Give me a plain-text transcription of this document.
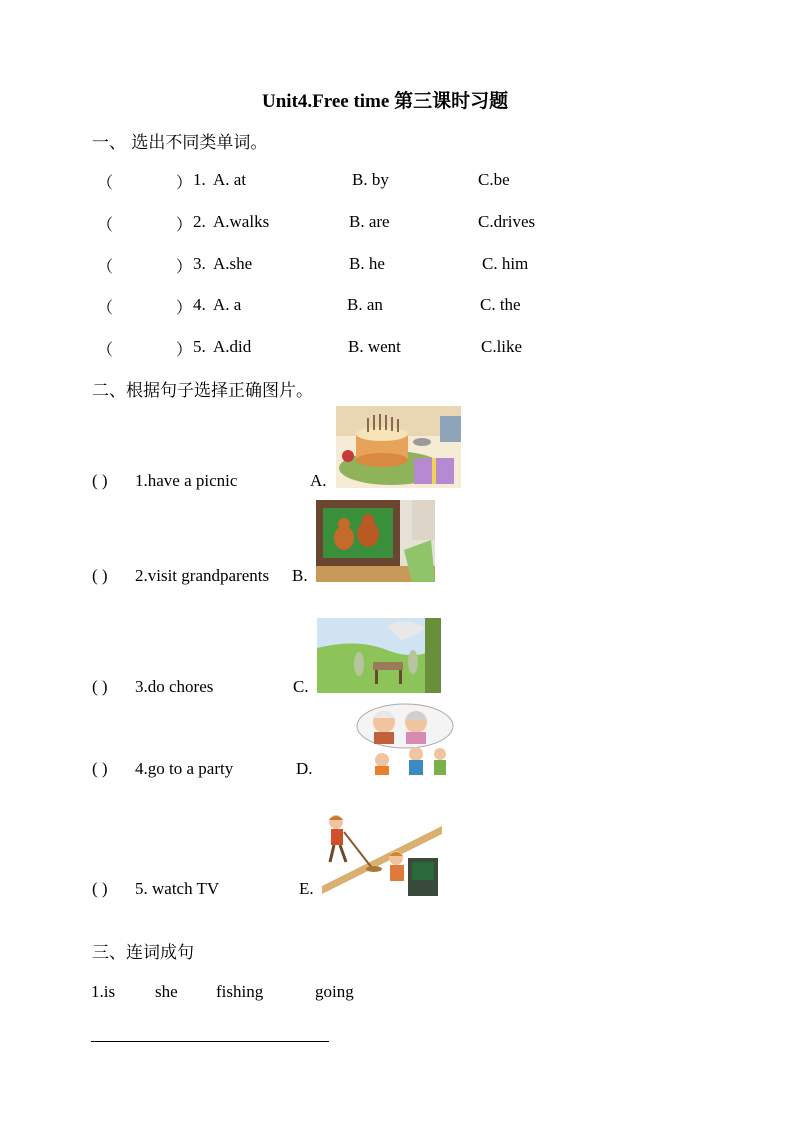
Unit4.Free time 第三课时习题
一、 选出不同类单词。
（	） 1. A. at	B. by	C.be
（	） 2. A.walks	B. are	C.drives
（	） 3. A.she	B. he	C. him
（	） 4. A. a	B. an	C. the
（	） 5. A.did	B. went	C.like
二、根据句子选择正确图片。
( ) 1.have a picnic	A.
( ) 2.visit grandparents B.
( ) 3.do chores	C.
( ) 4.go to a party	D.
( ) 5. watch TV	E.
三、连词成句
1.is she fishing	going
